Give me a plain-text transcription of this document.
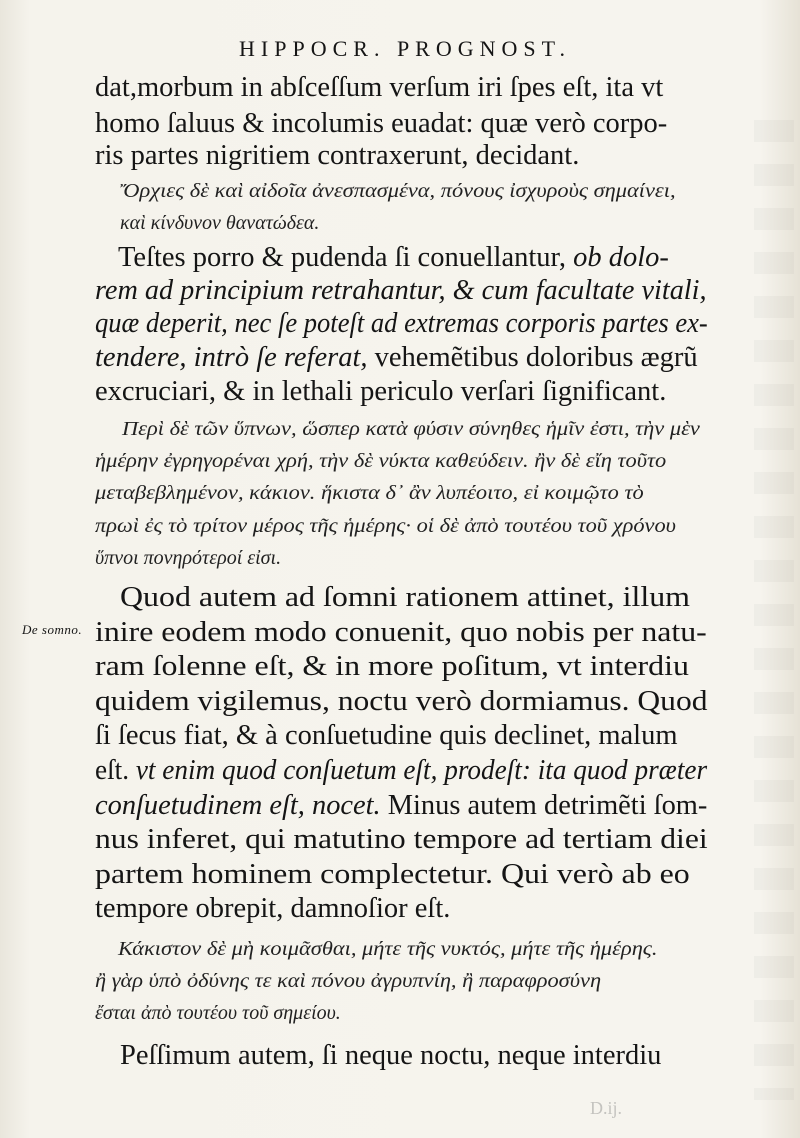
HIPPOCR. PROGNOST.
De somno.
dat,morbum in abſceſſum verſum iri ſpes eſt, ita vt
homo ſaluus & incolumis euadat: quæ verò corpo-
ris partes nigritiem contraxerunt, decidant.
Ὄρχιες δὲ καὶ αἰδοῖα ἀνεσπασμένα, πόνους ἰσχυροὺς σημαίνει,
καὶ κίνδυνον θανατώδεα.
Teſtes porro & pudenda ſi conuellantur, ob dolo-
rem ad principium retrahantur, & cum facultate vitali,
quæ deperit, nec ſe poteſt ad extremas corporis partes ex-
tendere, intrò ſe referat, vehemẽtibus doloribus ægrũ
excruciari, & in lethali periculo verſari ſignificant.
Περὶ δὲ τῶν ὕπνων, ὥσπερ κατὰ φύσιν σύνηθες ἡμῖν ἐστι, τὴν μὲν
ἡμέρην ἐγρηγορέναι χρή, τὴν δὲ νύκτα καθεύδειν. ἢν δὲ εἴη τοῦτο
μεταβεβλημένον, κάκιον. ἥκιστα δ᾽ ἂν λυπέοιτο, εἰ κοιμῷτο τὸ
πρωὶ ἐς τὸ τρίτον μέρος τῆς ἡμέρης· οἱ δὲ ἀπὸ τουτέου τοῦ χρόνου
ὕπνοι πονηρότεροί εἰσι.
Quod autem ad ſomni rationem attinet, illum
inire eodem modo conuenit, quo nobis per natu-
ram ſolenne eſt, & in more poſitum, vt interdiu
quidem vigilemus, noctu verò dormiamus. Quod
ſi ſecus fiat, & à conſuetudine quis declinet, malum
eſt. vt enim quod conſuetum eſt, prodeſt: ita quod præter
conſuetudinem eſt, nocet. Minus autem detrimẽti ſom-
nus inferet, qui matutino tempore ad tertiam diei
partem hominem complectetur. Qui verò ab eo
tempore obrepit, damnoſior eſt.
Κάκιστον δὲ μὴ κοιμᾶσθαι, μήτε τῆς νυκτός, μήτε τῆς ἡμέρης.
ἢ γὰρ ὑπὸ ὀδύνης τε καὶ πόνου ἀγρυπνίη, ἢ παραφροσύνη
ἔσται ἀπὸ τουτέου τοῦ σημείου.
Peſſimum autem, ſi neque noctu, neque interdiu
D.ij.
